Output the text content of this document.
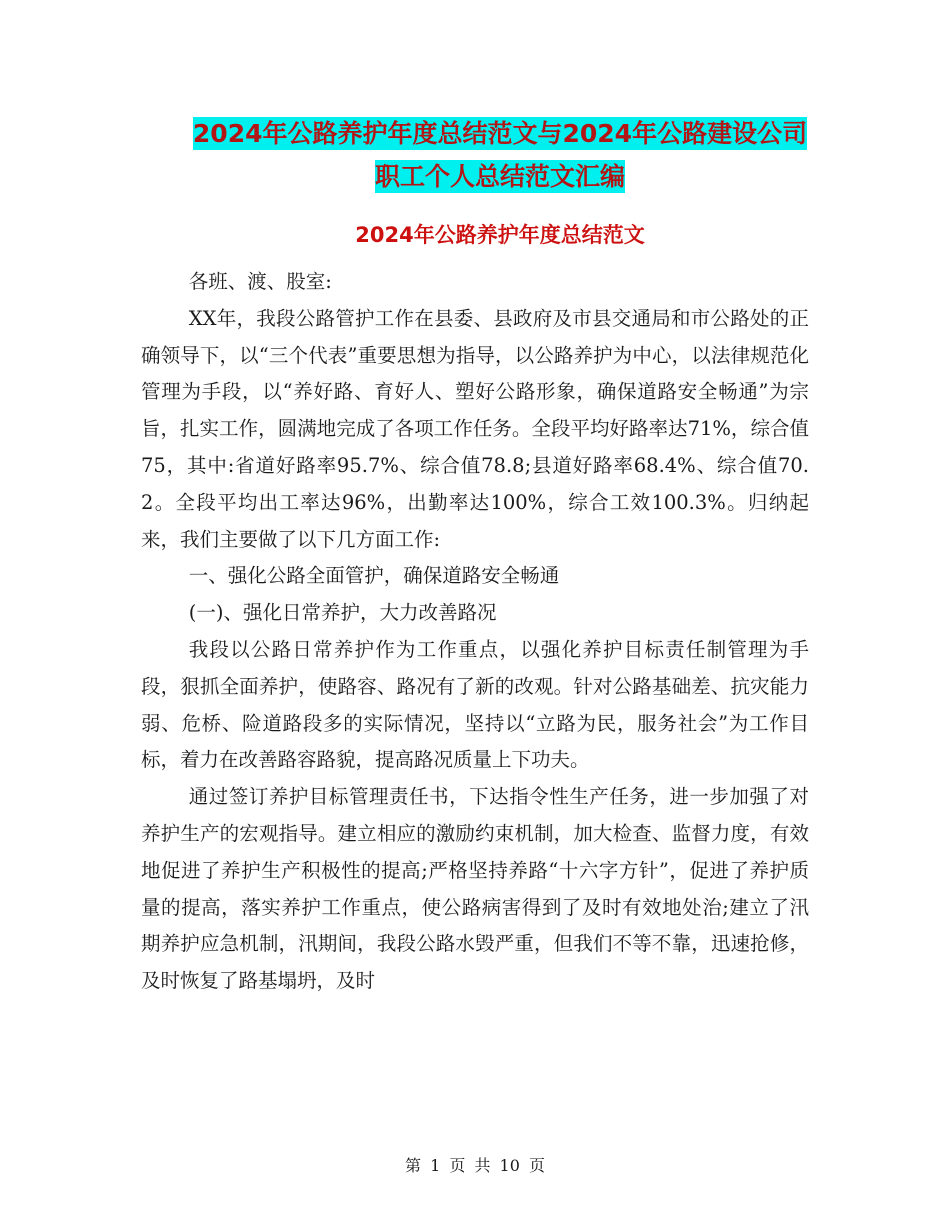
2024年公路养护年度总结范文与2024年公路建设公司
职工个人总结范文汇编
2024年公路养护年度总结范文

各班、渡、股室:

XX年，我段公路管护工作在县委、县政府及市县交通局和市公路处的正确领导下，以“三个代表”重要思想为指导，以公路养护为中心，以法律规范化管理为手段，以“养好路、育好人、塑好公路形象，确保道路安全畅通”为宗旨，扎实工作，圆满地完成了各项工作任务。全段平均好路率达71%，综合值75，其中:省道好路率95.7%、综合值78.8;县道好路率68.4%、综合值70.2。全段平均出工率达96%，出勤率达100%，综合工效100.3%。归纳起来，我们主要做了以下几方面工作:

一、强化公路全面管护，确保道路安全畅通

(一)、强化日常养护，大力改善路况

我段以公路日常养护作为工作重点，以强化养护目标责任制管理为手段，狠抓全面养护，使路容、路况有了新的改观。针对公路基础差、抗灾能力弱、危桥、险道路段多的实际情况，坚持以“立路为民，服务社会”为工作目标，着力在改善路容路貌，提高路况质量上下功夫。

通过签订养护目标管理责任书，下达指令性生产任务，进一步加强了对养护生产的宏观指导。建立相应的激励约束机制，加大检查、监督力度，有效地促进了养护生产积极性的提高;严格坚持养路“十六字方针”，促进了养护质量的提高，落实养护工作重点，使公路病害得到了及时有效地处治;建立了汛期养护应急机制，汛期间，我段公路水毁严重，但我们不等不靠，迅速抢修，及时恢复了路基塌坍，及时

第 1 页 共 10 页
